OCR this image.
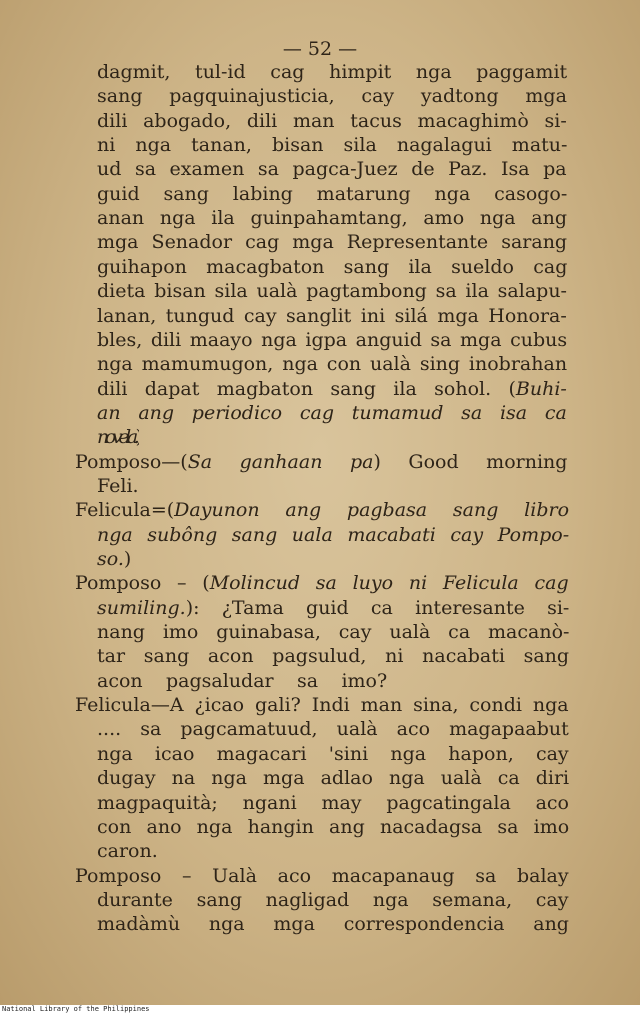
— 52 —
dagmit, tul-id cag himpit nga paggamit
sang pagquinajusticia, cay yadtong mga
dili abogado, dili man tacus macaghimò si-
ni nga tanan, bisan sila nagalagui matu-
ud sa examen sa pagca-Juez de Paz. Isa pa
guid sang labing matarung nga casogo-
anan nga ila guinpahamtang, amo nga ang
mga Senador cag mga Representante sarang
guihapon macagbaton sang ila sueldo cag
dieta bisan sila ualà pagtambong sa ila salapu-
lanan, tungud cay sanglit ini silá mga Honora-
bles, dili maayo nga igpa anguid sa mga cubus
nga mamumugon, nga con ualà sing inobrahan
dili dapat magbaton sang ila sohol. (Buhi-
an ang periodico cag tumamud sa isa ca
novela.)
Pomposo—(Sa ganhaan pa) Good morning
Feli.
Felicula=(Dayunon ang pagbasa sang libro
nga subông sang uala macabati cay Pompo-
so.)
Pomposo – (Molincud sa luyo ni Felicula cag
sumiling.): ¿Tama guid ca interesante si-
nang imo guinabasa, cay ualà ca macanò-
tar sang acon pagsulud, ni nacabati sang
acon pagsaludar sa imo?
Felicula—A ¿icao gali? Indi man sina, condi nga
.... sa pagcamatuud, ualà aco magapaabut
nga icao magacari 'sini nga hapon, cay
dugay na nga mga adlao nga ualà ca diri
magpaquità; ngani may pagcatingala aco
con ano nga hangin ang nacadagsa sa imo
caron.
Pomposo – Ualà aco macapanaug sa balay
durante sang nagligad nga semana, cay
madàmù nga mga correspondencia ang
National Library of the Philippines
